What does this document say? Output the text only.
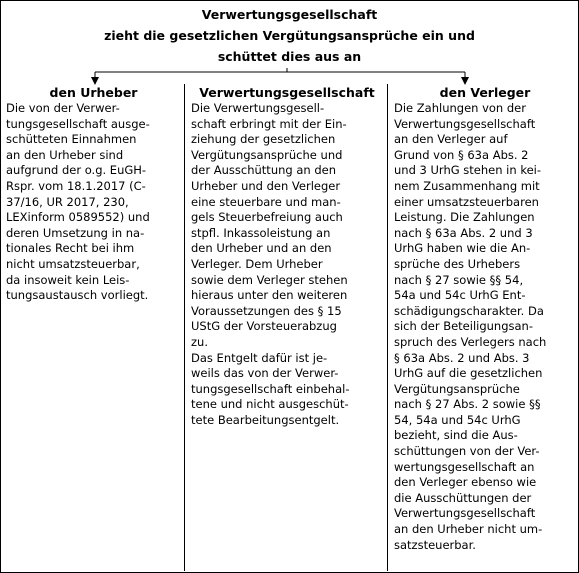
Verwertungsgesellschaft
zieht die gesetzlichen Vergütungsansprüche ein und
schüttet dies aus an
den Urheber

Die von der Verwer-
tungsgesellschaft ausge-
schütteten Einnahmen
an den Urheber sind
aufgrund der o.g. EuGH-
Rspr. vom 18.1.2017 (C-
37/16, UR 2017, 230,
LEXinform 0589552) und
deren Umsetzung in na-
tionales Recht bei ihm
nicht umsatzsteuerbar,
da insoweit kein Leis-
tungsaustausch vorliegt.

Verwertungsgesellschaft

Die Verwertungsgesell-
schaft erbringt mit der Ein-
ziehung der gesetzlichen
Vergütungsansprüche und
der Ausschüttung an den
Urheber und den Verleger
eine steuerbare und man-
gels Steuerbefreiung auch
stpfl. Inkassoleistung an
den Urheber und an den
Verleger. Dem Urheber
sowie dem Verleger stehen
hieraus unter den weiteren
Voraussetzungen des § 15
UStG der Vorsteuerabzug
zu.
Das Entgelt dafür ist je-
weils das von der Verwer-
tungsgesellschaft einbehal-
tene und nicht ausgeschüt-
tete Bearbeitungsentgelt.

den Verleger

Die Zahlungen von der
Verwertungsgesellschaft
an den Verleger auf
Grund von § 63a Abs. 2
und 3 UrhG stehen in kei-
nem Zusammenhang mit
einer umsatzsteuerbaren
Leistung. Die Zahlungen
nach § 63a Abs. 2 und 3
UrhG haben wie die An-
sprüche des Urhebers
nach § 27 sowie §§ 54,
54a und 54c UrhG Ent-
schädigungscharakter. Da
sich der Beteiligungsan-
spruch des Verlegers nach
§ 63a Abs. 2 und Abs. 3
UrhG auf die gesetzlichen
Vergütungsansprüche
nach § 27 Abs. 2 sowie §§
54, 54a und 54c UrhG
bezieht, sind die Aus-
schüttungen von der Ver-
wertungsgesellschaft an
den Verleger ebenso wie
die Ausschüttungen der
Verwertungsgesellschaft
an den Urheber nicht um-
satzsteuerbar.
